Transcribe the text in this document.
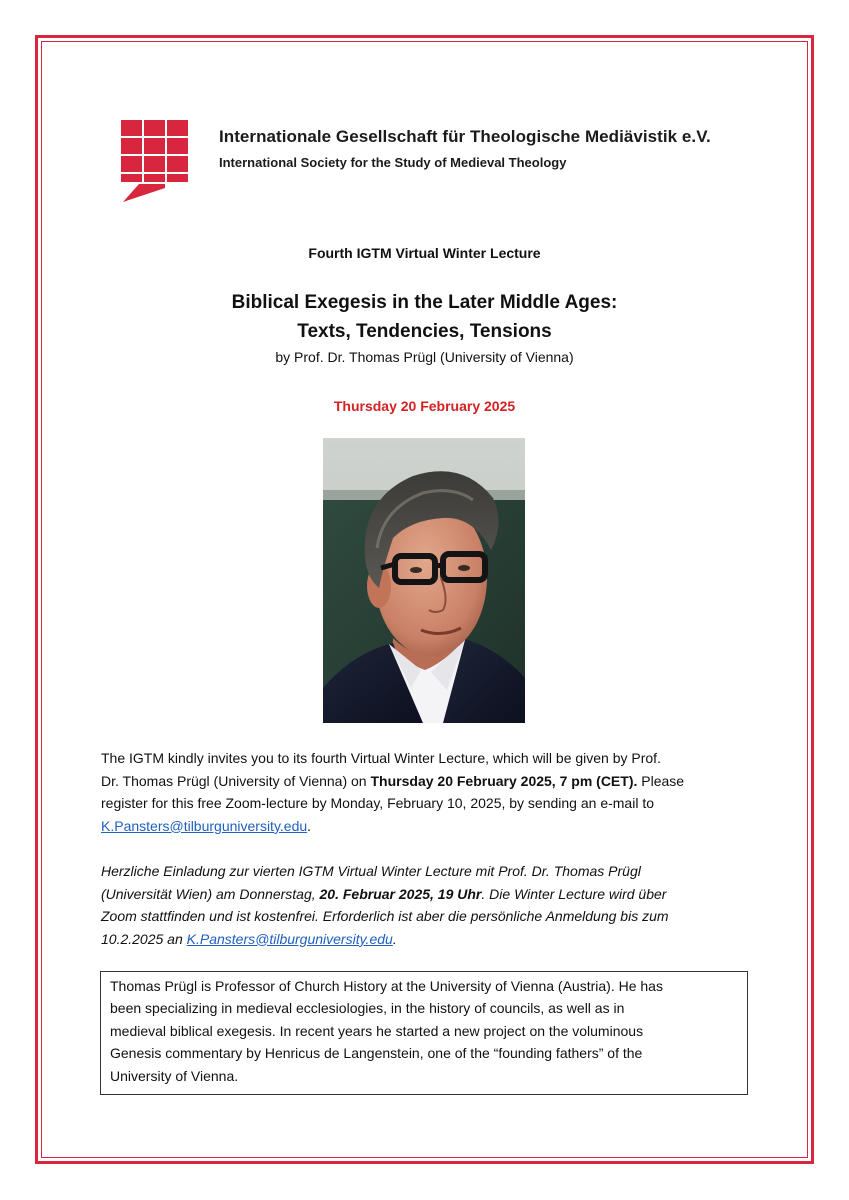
Internationale Gesellschaft für Theologische Mediävistik e.V.
International Society for the Study of Medieval Theology
Fourth IGTM Virtual Winter Lecture
Biblical Exegesis in the Later Middle Ages:
Texts, Tendencies, Tensions
by Prof. Dr. Thomas Prügl (University of Vienna)
Thursday 20 February 2025
The IGTM kindly invites you to its fourth Virtual Winter Lecture, which will be given by Prof.
Dr. Thomas Prügl (University of Vienna) on Thursday 20 February 2025, 7 pm (CET). Please
register for this free Zoom-lecture by Monday, February 10, 2025, by sending an e-mail to
K.Pansters@tilburguniversity.edu.
Herzliche Einladung zur vierten IGTM Virtual Winter Lecture mit Prof. Dr. Thomas Prügl
(Universität Wien) am Donnerstag, 20. Februar 2025, 19 Uhr. Die Winter Lecture wird über
Zoom stattfinden und ist kostenfrei. Erforderlich ist aber die persönliche Anmeldung bis zum
10.2.2025 an K.Pansters@tilburguniversity.edu.
Thomas Prügl is Professor of Church History at the University of Vienna (Austria). He has
been specializing in medieval ecclesiologies, in the history of councils, as well as in
medieval biblical exegesis. In recent years he started a new project on the voluminous
Genesis commentary by Henricus de Langenstein, one of the “founding fathers” of the
University of Vienna.
